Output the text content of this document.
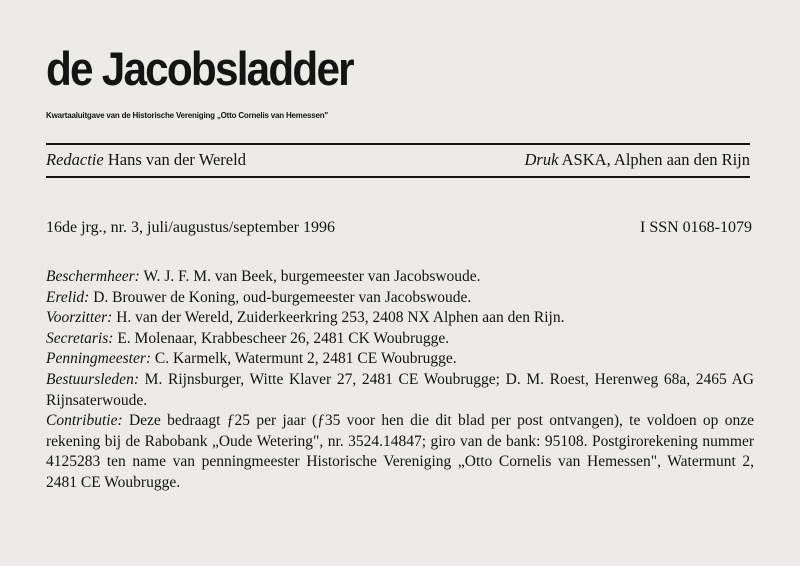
de Jacobsladder
Kwartaaluitgave van de Historische Vereniging „Otto Cornelis van Hemessen"
Redactie Hans van der Wereld	Druk ASKA, Alphen aan den Rijn
16de jrg., nr. 3, juli/augustus/september 1996	I SSN 0168-1079

Beschermheer: W. J. F. M. van Beek, burgemeester van Jacobswoude.

Erelid: D. Brouwer de Koning, oud-burgemeester van Jacobswoude.

Voorzitter: H. van der Wereld, Zuiderkeerkring 253, 2408 NX Alphen aan den Rijn.

Secretaris: E. Molenaar, Krabbescheer 26, 2481 CK Woubrugge.

Penningmeester: C. Karmelk, Watermunt 2, 2481 CE Woubrugge.

Bestuursleden: M. Rijnsburger, Witte Klaver 27, 2481 CE Woubrugge; D. M. Roest, Herenweg 68a, 2465 AG Rijnsaterwoude.

Contributie: Deze bedraagt ƒ25 per jaar (ƒ35 voor hen die dit blad per post ontvangen), te voldoen op onze rekening bij de Rabobank „Oude Wetering", nr. 3524.14847; giro van de bank: 95108. Postgirorekening nummer 4125283 ten name van penningmeester Historische Vereniging „Otto Cornelis van Hemessen", Watermunt 2, 2481 CE Woubrugge.
